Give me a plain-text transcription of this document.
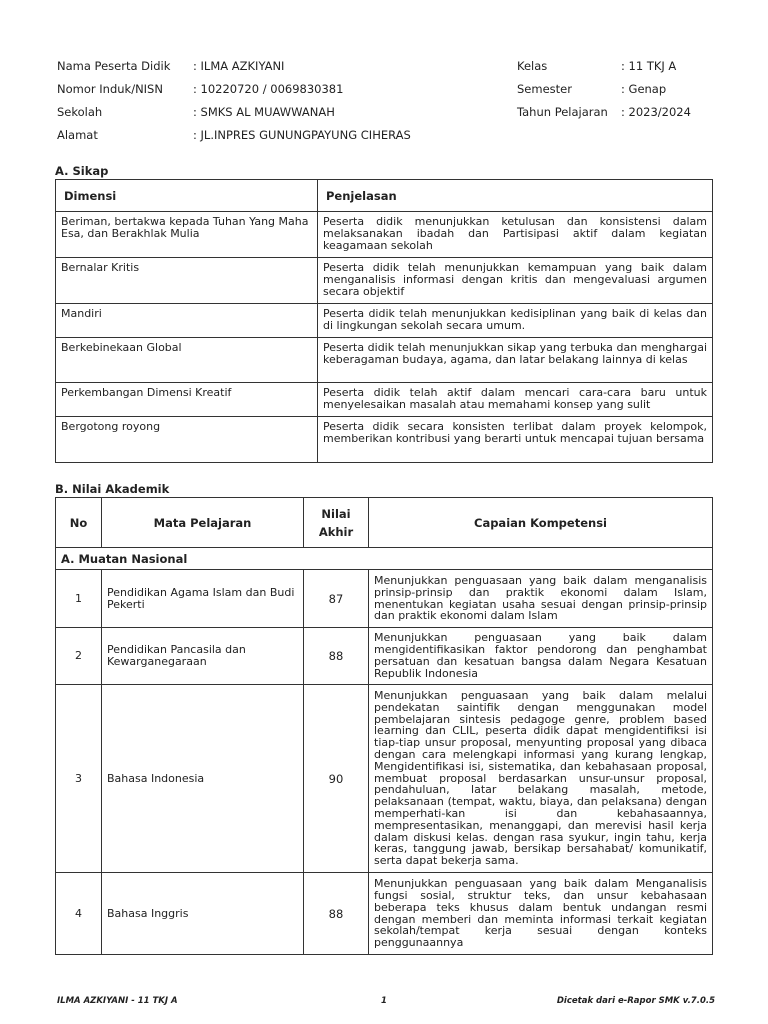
Nama Peserta Didik	: ILMA AZKIYANI	Kelas	: 11 TKJ A
Nomor Induk/NISN	: 10220720 / 0069830381	Semester	: Genap
Sekolah	: SMKS AL MUAWWANAH	Tahun Pelajaran	: 2023/2024
Alamat	: JL.INPRES GUNUNGPAYUNG CIHERAS
A. Sikap
Dimensi	Penjelasan
Beriman, bertakwa kepada Tuhan Yang Maha Esa, dan Berakhlak Mulia	Peserta didik menunjukkan ketulusan dan konsistensi dalam melaksanakan ibadah dan Partisipasi aktif dalam kegiatan keagamaan sekolah
Bernalar Kritis	Peserta didik telah menunjukkan kemampuan yang baik dalam menganalisis informasi dengan kritis dan mengevaluasi argumen secara objektif
Mandiri	Peserta didik telah menunjukkan kedisiplinan yang baik di kelas dan di lingkungan sekolah secara umum.
Berkebinekaan Global	Peserta didik telah menunjukkan sikap yang terbuka dan menghargai keberagaman budaya, agama, dan latar belakang lainnya di kelas
Perkembangan Dimensi Kreatif	Peserta didik telah aktif dalam mencari cara-cara baru untuk menyelesaikan masalah atau memahami konsep yang sulit
Bergotong royong	Peserta didik secara konsisten terlibat dalam proyek kelompok, memberikan kontribusi yang berarti untuk mencapai tujuan bersama
B. Nilai Akademik
No	Mata Pelajaran	Nilai Akhir	Capaian Kompetensi
A. Muatan Nasional			
1	Pendidikan Agama Islam dan Budi Pekerti	87	Menunjukkan penguasaan yang baik dalam menganalisis prinsip-prinsip dan praktik ekonomi dalam Islam, menentukan kegiatan usaha sesuai dengan prinsip-prinsip dan praktik ekonomi dalam Islam
2	Pendidikan Pancasila dan Kewarganegaraan	88	Menunjukkan penguasaan yang baik dalam mengidentifikasikan faktor pendorong dan penghambat persatuan dan kesatuan bangsa dalam Negara Kesatuan Republik Indonesia
3	Bahasa Indonesia	90	Menunjukkan penguasaan yang baik dalam melalui pendekatan saintifik dengan menggunakan model pembelajaran sintesis pedagoge genre, problem based learning dan CLIL, peserta didik dapat mengidentifiksi isi tiap-tiap unsur proposal, menyunting proposal yang dibaca dengan cara melengkapi informasi yang kurang lengkap, Mengidentifikasi isi, sistematika, dan kebahasaan proposal, membuat proposal berdasarkan unsur-unsur proposal, pendahuluan, latar belakang masalah, metode, pelaksanaan (tempat, waktu, biaya, dan pelaksana) dengan memperhati-kan isi dan kebahasaannya, mempresentasikan, menanggapi, dan merevisi hasil kerja dalam diskusi kelas. dengan rasa syukur, ingin tahu, kerja keras, tanggung jawab, bersikap bersahabat/ komunikatif, serta dapat bekerja sama.
4	Bahasa Inggris	88	Menunjukkan penguasaan yang baik dalam Menganalisis fungsi sosial, struktur teks, dan unsur kebahasaan beberapa teks khusus dalam bentuk undangan resmi dengan memberi dan meminta informasi terkait kegiatan sekolah/tempat kerja sesuai dengan konteks penggunaannya
ILMA AZKIYANI - 11 TKJ A	1	Dicetak dari e-Rapor SMK v.7.0.5
